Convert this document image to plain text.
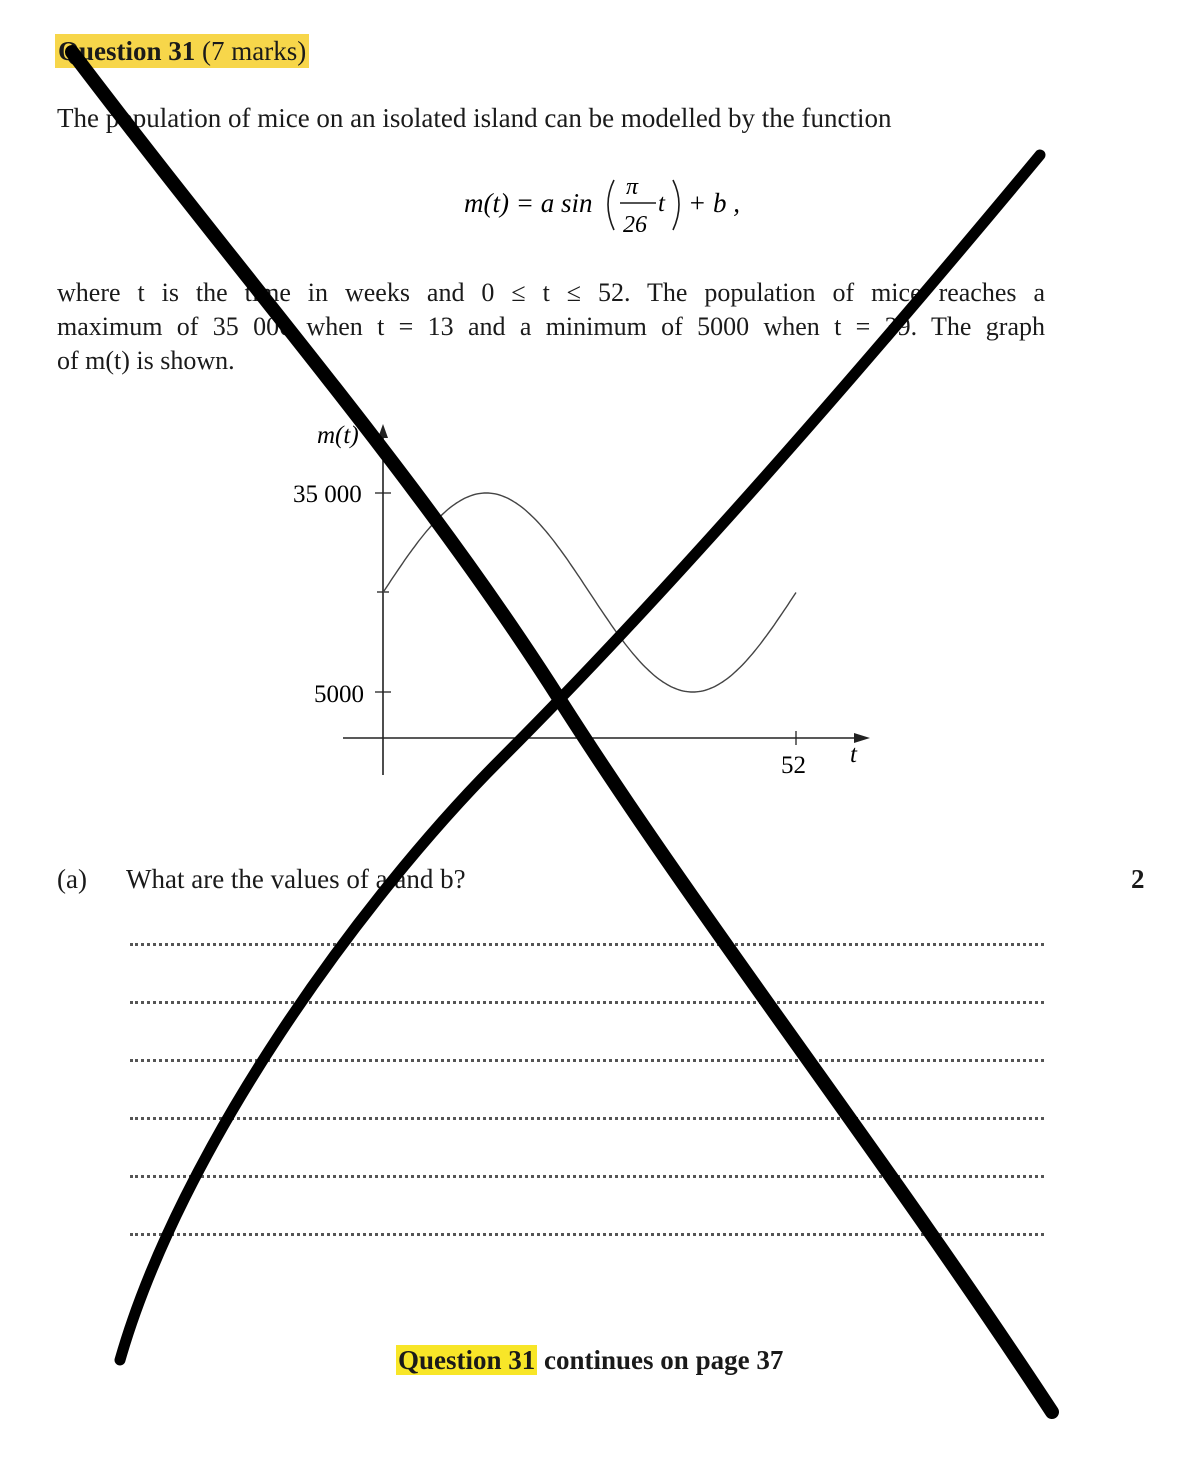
Question 31 (7 marks)
The population of mice on an isolated island can be modelled by the function
m(t) = a sin
π
26
t + b ,
where t is the time in weeks and 0 ≤ t ≤ 52. The population of mice reaches a
maximum of 35 000 when t = 13 and a minimum of 5000 when t = 39. The graph
of m(t) is shown.
m(t)
35 000
5000
52 t
(a) What are the values of a and b?	2
Question 31 continues on page 37
